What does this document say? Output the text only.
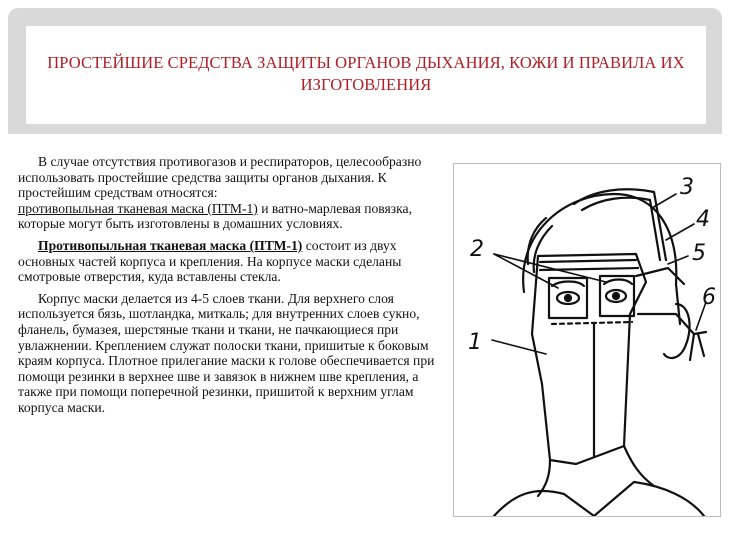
ПРОСТЕЙШИЕ СРЕДСТВА ЗАЩИТЫ ОРГАНОВ ДЫХАНИЯ, КОЖИ И ПРАВИЛА ИХ ИЗГОТОВЛЕНИЯ

В случае отсутствия противогазов и респираторов, целесообразно использовать простейшие средства защиты органов дыхания. К простейшим средствам относятся:
противопыльная тканевая маска (ПТМ-1) и ватно-марлевая повязка, которые могут быть изготовлены в домашних условиях.

Противопыльная тканевая маска (ПТМ-1) состоит из двух основных частей корпуса и крепления. На корпусе маски сделаны смотровые отверстия, куда вставлены стекла.

Корпус маски делается из 4-5 слоев ткани. Для верхнего слоя используется бязь, шотландка, миткаль; для внутренних слоев сукно, фланель, бумазея, шерстяные ткани и ткани, не пачкающиеся при увлажнении. Креплением служат полоски ткани, пришитые к боковым краям корпуса. Плотное прилегание маски к голове обеспечивается при помощи резинки в верхнее шве и завязок в нижнем шве крепления, а также при помощи поперечной резинки, пришитой к верхним углам корпуса маски.

1
2
3
4
5
6
